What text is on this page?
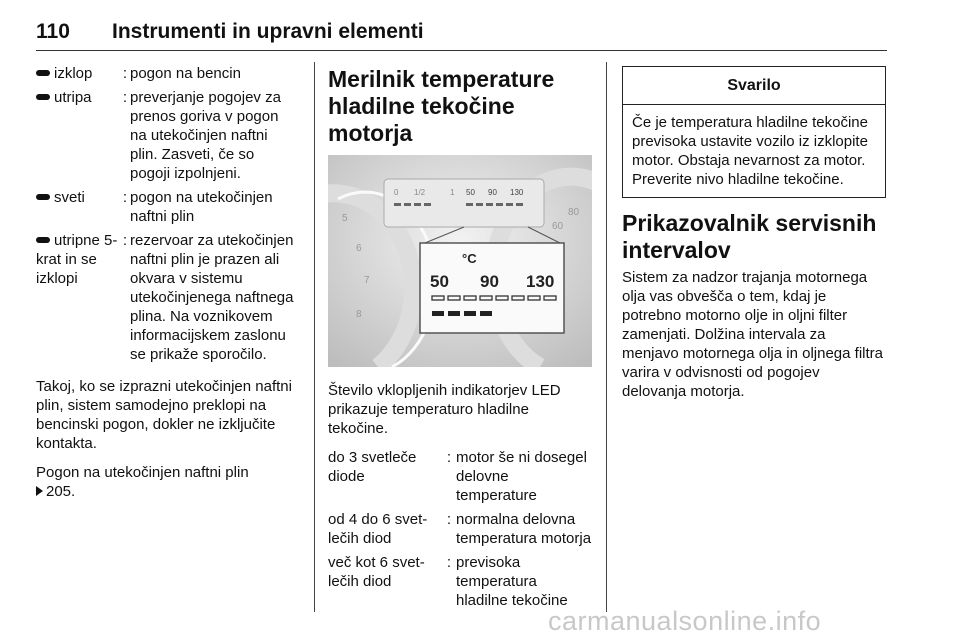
110 Instrumenti in upravni elementi
izklop	: pogon na bencin
utripa	: preverjanje pogojev za prenos goriva v pogon na utekočinjen naftni plin. Zasveti, če so pogoji izpolnjeni.
sveti	: pogon na utekočinjen naftni plin
utripne 5-krat in se izklopi
: rezervoar za utekočinjen naftni plin je prazen ali okvara v sistemu utekočinjenega naftnega plina. Na voznikovem informacijskem zaslonu se prikaže sporočilo.

Takoj, ko se izprazni utekočinjen naftni plin, sistem samodejno preklopi na bencinski pogon, dokler ne izključite kontakta.

Pogon na utekočinjen naftni plin
205.

Merilnik temperature hladilne tekočine motorja
0 1/2	1 50 90 130
5
6
7
8
60
80
°C
50 90 130

Število vklopljenih indikatorjev LED prikazuje temperaturo hladilne tekočine.

do 3 svetleče diode
: motor še ni dosegel delovne temperature
od 4 do 6 svetlečih diod
: normalna delovna temperatura motorja
več kot 6 svetlečih diod
: previsoka temperatura hladilne tekočine
Svarilo
Če je temperatura hladilne tekočine previsoka ustavite vozilo iz izklopite motor. Obstaja nevarnost za motor. Preverite nivo hladilne tekočine.
Prikazovalnik servisnih intervalov

Sistem za nadzor trajanja motornega olja vas obvešča o tem, kdaj je potrebno motorno olje in oljni filter zamenjati. Dolžina intervala za menjavo motornega olja in oljnega filtra varira v odvisnosti od pogojev delovanja motorja.

carmanualsonline.info
